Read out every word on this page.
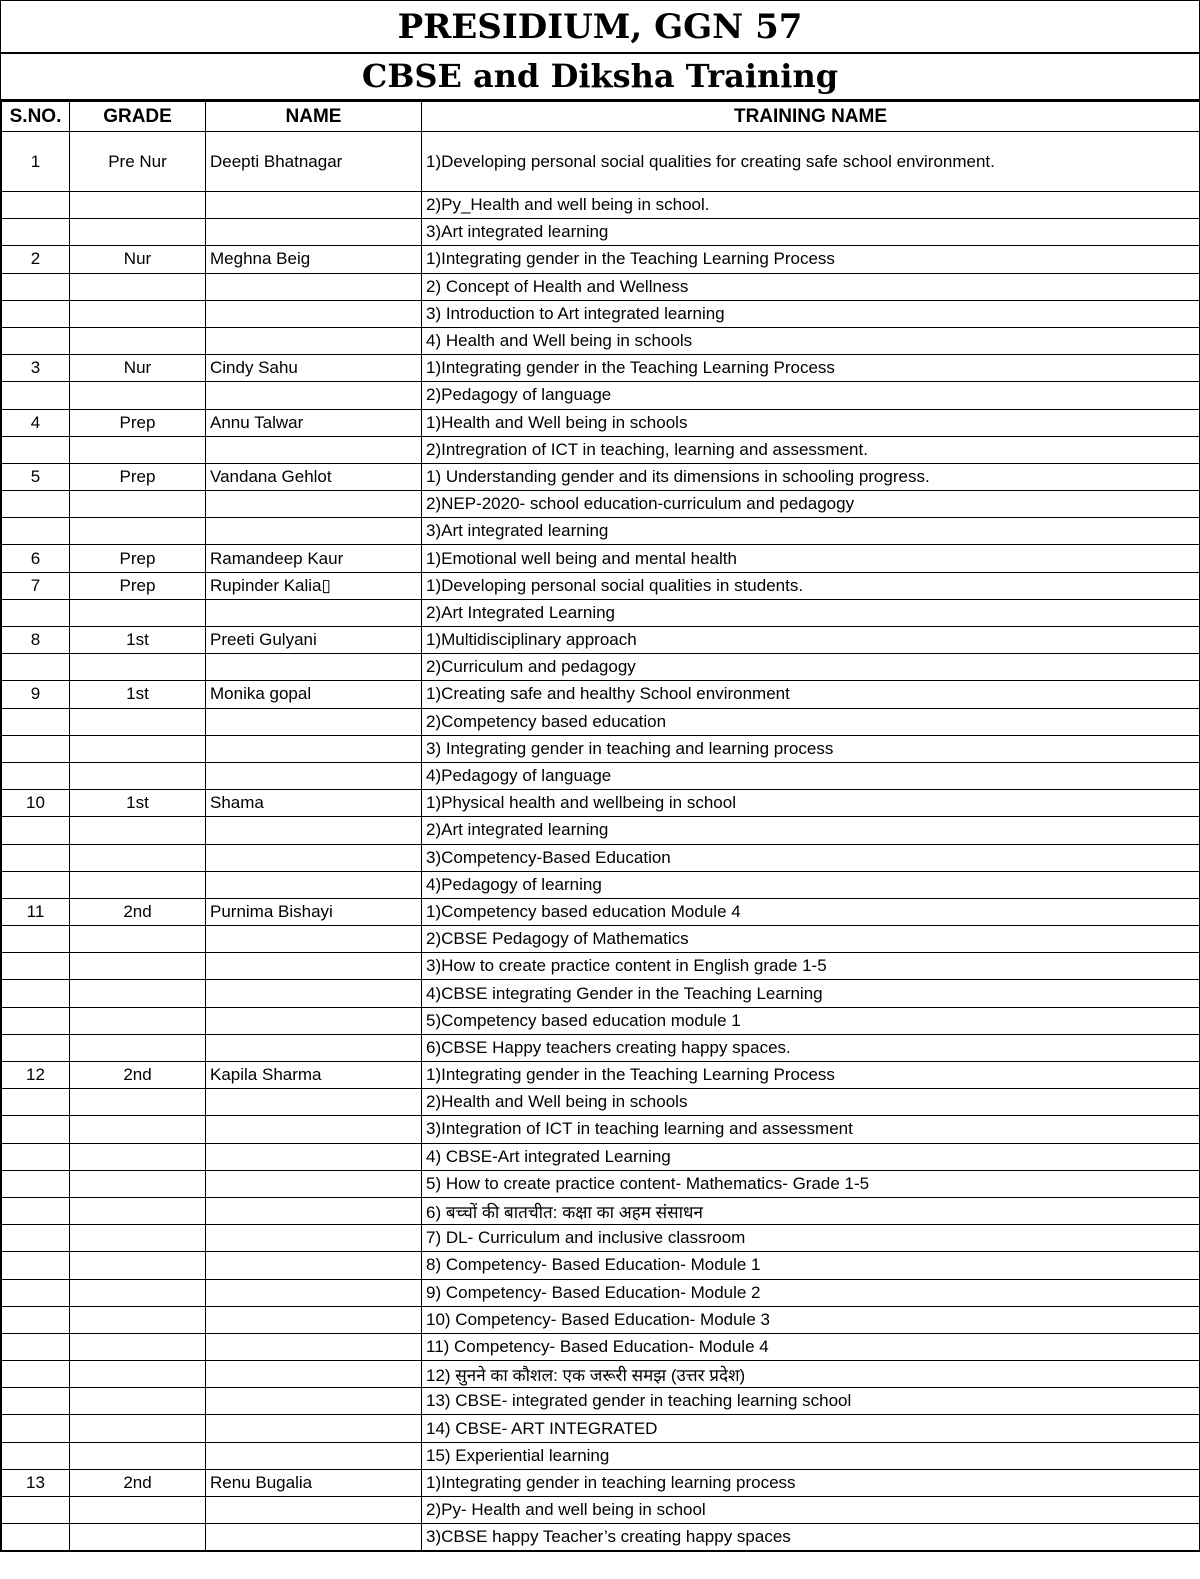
PRESIDIUM, GGN 57
CBSE and Diksha Training
S.NO.	GRADE	NAME	TRAINING NAME
1	Pre Nur	Deepti Bhatnagar	1)Developing personal social qualities for creating safe school environment.
			2)Py_Health and well being in school.
			3)Art integrated learning
2	Nur	Meghna Beig	1)Integrating gender in the Teaching Learning Process
			2) Concept of Health and Wellness
			3) Introduction to Art integrated learning
			4) Health and Well being in schools
3	Nur	Cindy Sahu	1)Integrating gender in the Teaching Learning Process
			2)Pedagogy of language
4	Prep	Annu Talwar	1)Health and Well being in schools
			2)Intregration of ICT in teaching, learning and assessment.
5	Prep	Vandana Gehlot	1) Understanding gender and its dimensions in schooling progress.
			2)NEP-2020- school education-curriculum and pedagogy
			3)Art integrated learning
6	Prep	Ramandeep Kaur	1)Emotional well being and mental health
7	Prep	Rupinder Kalia▯	1)Developing personal social qualities in students.
			2)Art Integrated Learning
8	1st	Preeti Gulyani	1)Multidisciplinary approach
			2)Curriculum and pedagogy
9	1st	Monika gopal	1)Creating safe and healthy School environment
			2)Competency based education
			3) Integrating gender in teaching and learning process
			4)Pedagogy of language
10	1st	Shama	1)Physical health and wellbeing in school
			2)Art integrated learning
			3)Competency-Based Education
			4)Pedagogy of learning
11	2nd	Purnima Bishayi	1)Competency based education Module 4
			2)CBSE Pedagogy of Mathematics
			3)How to create practice content in English grade 1-5
			4)CBSE integrating Gender in the Teaching Learning
			5)Competency based education module 1
			6)CBSE Happy teachers creating happy spaces.
12	2nd	Kapila Sharma	1)Integrating gender in the Teaching Learning Process
			2)Health and Well being in schools
			3)Integration of ICT in teaching learning and assessment
			4) CBSE-Art integrated Learning
			5) How to create practice content- Mathematics- Grade 1-5
			6) बच्चों की बातचीत: कक्षा का अहम संसाधन
			7) DL- Curriculum and inclusive classroom
			8) Competency- Based Education- Module 1
			9) Competency- Based Education- Module 2
			10) Competency- Based Education- Module 3
			11) Competency- Based Education- Module 4
			12) सुनने का कौशल: एक जरूरी समझ (उत्तर प्रदेश)
			13) CBSE- integrated gender in teaching learning school
			14) CBSE- ART INTEGRATED
			15) Experiential learning
13	2nd	Renu Bugalia	1)Integrating gender in teaching learning process
			2)Py- Health and well being in school
			3)CBSE happy Teacher’s creating happy spaces
